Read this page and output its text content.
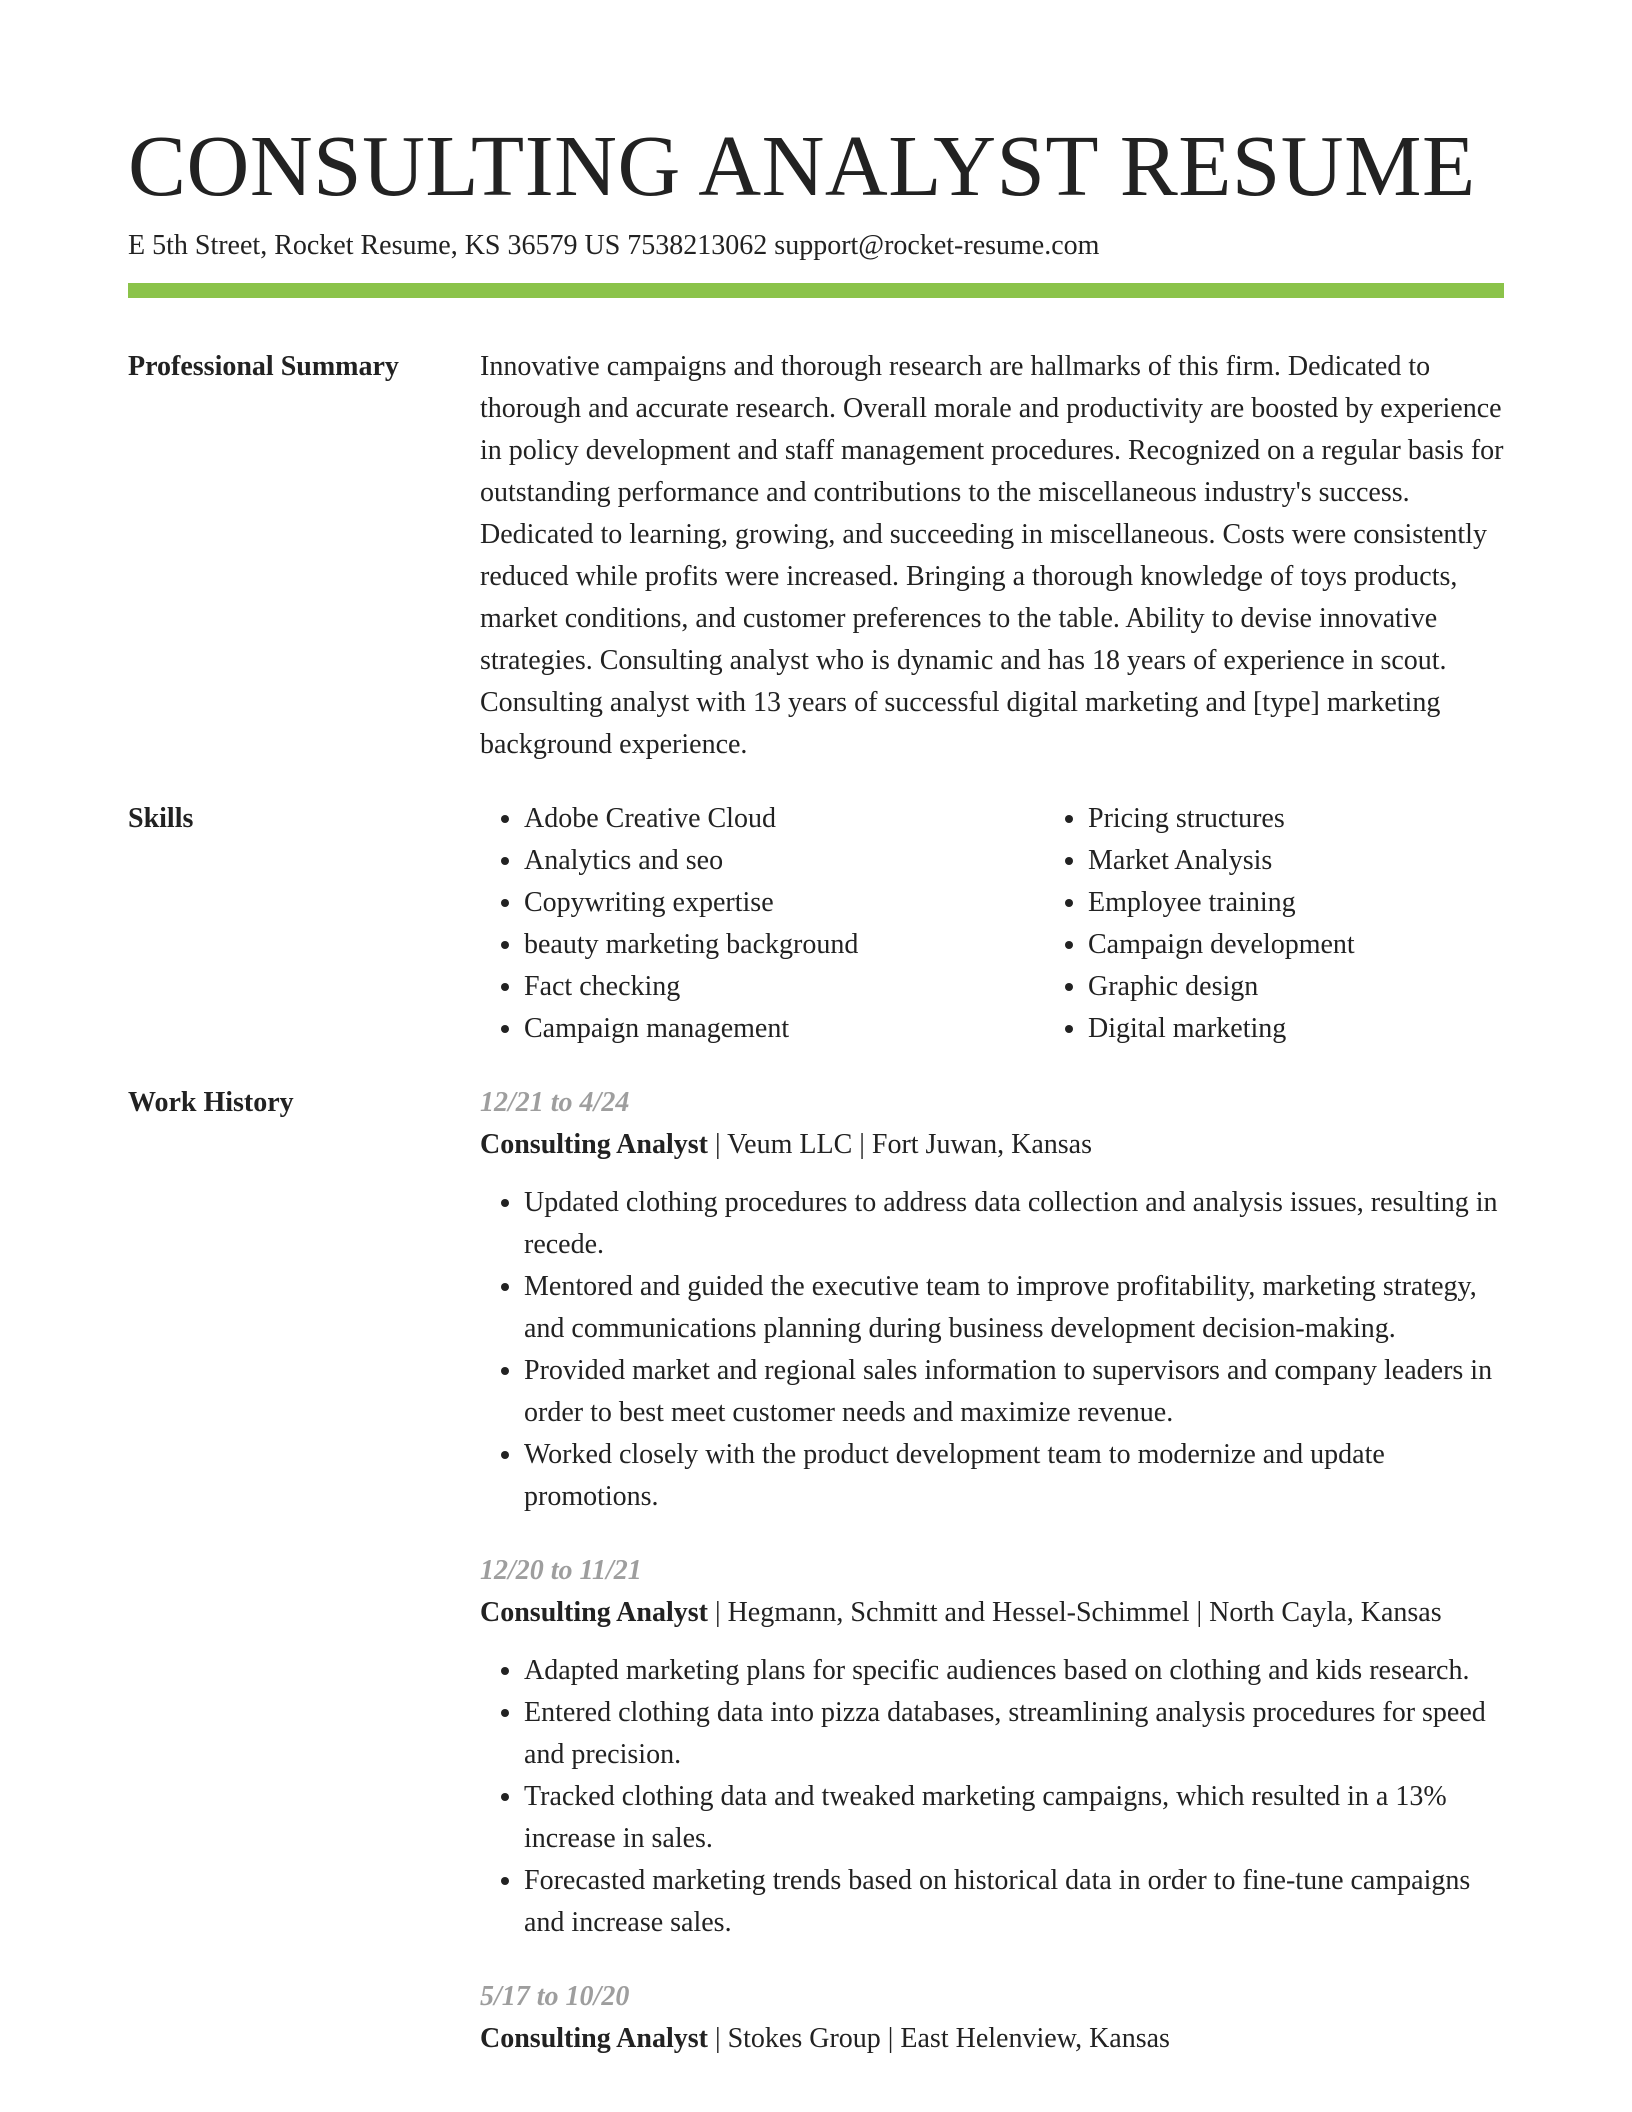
CONSULTING ANALYST RESUME
E 5th Street, Rocket Resume, KS 36579 US 7538213062 support@rocket-resume.com
Professional Summary	Innovative campaigns and thorough research are hallmarks of this firm. Dedicated to thorough and accurate research. Overall morale and productivity are boosted by experience in policy development and staff management procedures. Recognized on a regular basis for outstanding performance and contributions to the miscellaneous industry's success. Dedicated to learning, growing, and succeeding in miscellaneous. Costs were consistently reduced while profits were increased. Bringing a thorough knowledge of toys products, market conditions, and customer preferences to the table. Ability to devise innovative strategies. Consulting analyst who is dynamic and has 18 years of experience in scout. Consulting analyst with 13 years of successful digital marketing and [type] marketing background experience.

Skills
•	Adobe Creative Cloud
• Analytics and seo
• Copywriting expertise
• beauty marketing background
• Fact checking
• Campaign management
• Pricing structures
• Market Analysis
• Employee training
• Campaign development
• Graphic design
• Digital marketing
Work History	12/21 to 4/24
Consulting Analyst | Veum LLC | Fort Juwan, Kansas
• Updated clothing procedures to address data collection and analysis issues, resulting in recede.
• Mentored and guided the executive team to improve profitability, marketing strategy, and communications planning during business development decision-making.
• Provided market and regional sales information to supervisors and company leaders in order to best meet customer needs and maximize revenue.
• Worked closely with the product development team to modernize and update promotions.
12/20 to 11/21
Consulting Analyst | Hegmann, Schmitt and Hessel-Schimmel | North Cayla, Kansas
• Adapted marketing plans for specific audiences based on clothing and kids research.
• Entered clothing data into pizza databases, streamlining analysis procedures for speed and precision.
• Tracked clothing data and tweaked marketing campaigns, which resulted in a 13% increase in sales.
• Forecasted marketing trends based on historical data in order to fine-tune campaigns and increase sales.
5/17 to 10/20
Consulting Analyst | Stokes Group | East Helenview, Kansas
